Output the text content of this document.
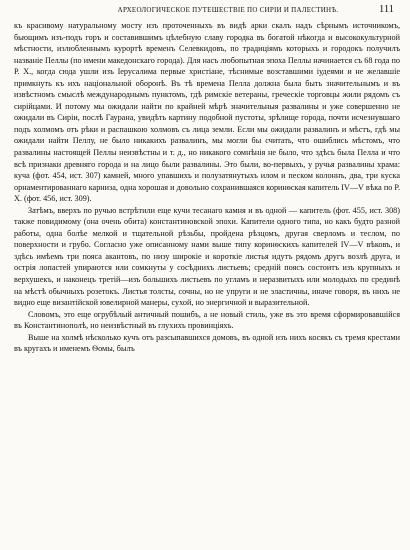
АРХЕОЛОГИЧЕСКОЕ ПУТЕШЕСТВІЕ ПО СИРІИ И ПАЛЕСТИНѢ.	111

къ красивому натуральному мосту изъ проточенныхъ въ видѣ арки скалъ надъ сѣрнымъ источникомъ, бьющимъ изъ-подъ горъ и составившимъ цѣлебную славу городка въ богатой нѣкогда и высококультурной мѣстности, излюбленнымъ курортѣ временъ Селевкидовъ, по традиціямъ которыхъ и городокъ получилъ названіе Пеллы (по имени македонскаго города). Для насъ любопытная эпоха Пеллы начинается съ 68 года по Р. Х., когда сюда ушли изъ Іерусалима первые христіане, тѣснимые возставшими іудеями и не желавшіе примкнуть къ ихъ національной оборонѣ. Въ тѣ времена Пелла должна была быть значительнымъ и въ извѣстномъ смыслѣ международнымъ пунктомъ, гдѣ римскіе ветераны, греческіе торговцы жили рядомъ съ сирійцами. И потому мы ожидали найти по крайней мѣрѣ значительныя развалины и уже совершенно не ожидали въ Сиріи, послѣ Гаурана, увидѣть картину подобной пустоты, зрѣлище города, почти исчезнувшаго подъ холмомъ отъ рѣки и распашкою холмовъ съ лица земли. Если мы ожидали развалинъ и мѣстъ, гдѣ мы ожидали найти Пеллу, не было никакихъ развалинъ, мы могли бы считать, что ошиблись мѣстомъ, что развалины настоящей Пеллы неизвѣстны и т. д., но никакого сомнѣнія не было, что здѣсь была Пелла и что всѣ признаки древняго города и на лицо были развалины. Это были, во-первыхъ, у ручья развалины храма: куча (фот. 454, ист. 307) камней, много упавшихъ и полузатянутыхъ илом и песком колоннъ, два, три куска орнаментированнаго карниза, одна хорошая и довольно сохранившаяся коринѳская капитель IV—V вѣка по Р. Х. (фот. 456, ист. 309).

Затѣмъ, вверхъ по ручью встрѣтили еще кучи тесанаго камня и въ одной — капитель (фот. 455, ист. 308) также повидимому (она очень обита) константиновской эпохи. Капители одного типа, но какъ будто разной работы, одна болѣе мелкой и тщательной рѣзьбы, пройдена рѣзцомъ, другая сверломъ и теслом, по поверхности и грубо. Согласно уже описанному нами выше типу коринѳскихъ капителей IV—V вѣковъ, и здѣсь имѣемъ три пояса акантовъ, по низу широкіе и короткіе листья идутъ рядомъ другъ возлѣ друга, и острія лопастей упираются или сомкнуты у сосѣднихъ листьевъ; средній поясъ состоитъ изъ крупныхъ и верхушекъ, и наконецъ третій—изъ большихъ листьевъ по угламъ и неразвитыхъ или молодыхъ по срединѣ на мѣстѣ обычныхъ розетокъ. Листья толсты, сочны, но не упруги и не эластичны, иначе говоря, въ нихъ не видно еще византійской ювелирной манеры, сухой, но энергичной и выразительной.

Словомъ, это еще огрубѣлый античный пошибъ, а не новый стиль, уже въ это время сформировавшійся въ Константинополѣ, но неизвѣстный въ глухихъ провинціяхъ.

Выше на холмѣ нѣсколько кучъ отъ разсыпавшихся домовъ, въ одной изъ нихъ косякъ съ тремя крестами въ кругахъ и именемъ Ѳомы, былъ
